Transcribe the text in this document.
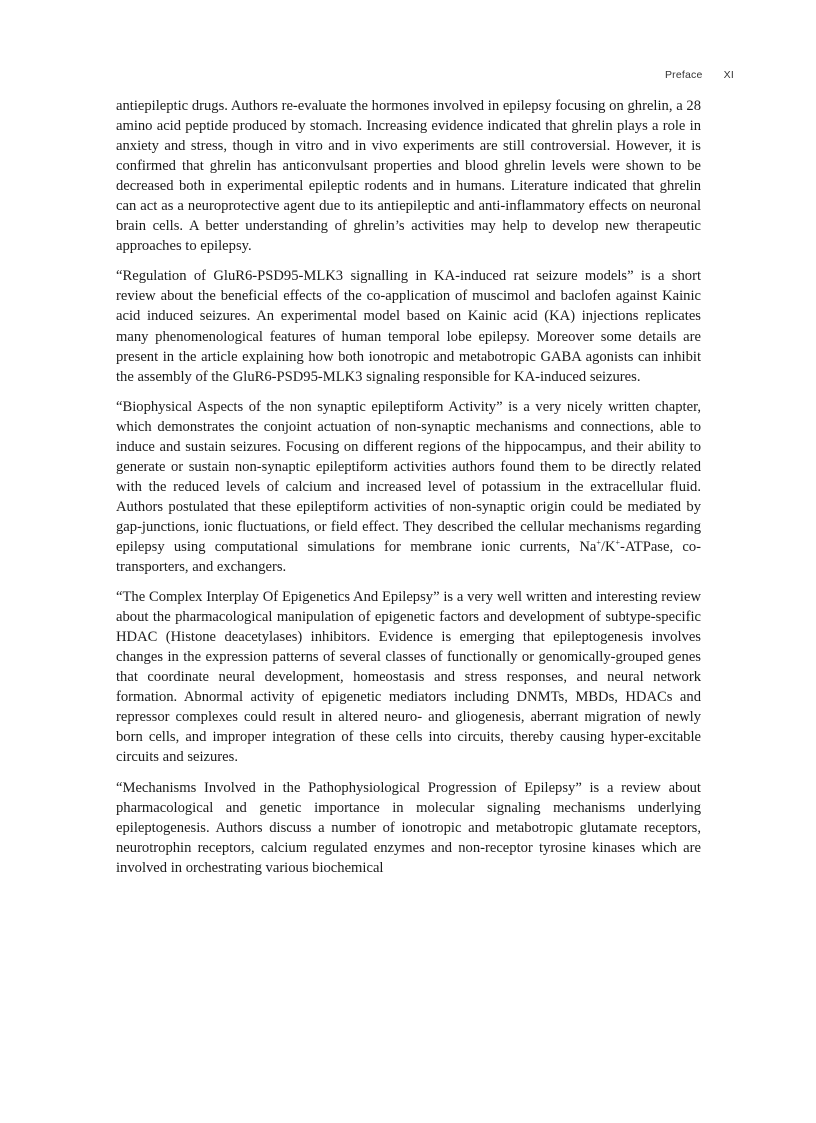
Preface XI

antiepileptic drugs. Authors re-evaluate the hormones involved in epilepsy focusing on ghrelin, a 28 amino acid peptide produced by stomach. Increasing evidence indicated that ghrelin plays a role in anxiety and stress, though in vitro and in vivo experiments are still controversial. However, it is confirmed that ghrelin has anticonvulsant properties and blood ghrelin levels were shown to be decreased both in experimental epileptic rodents and in humans. Literature indicated that ghrelin can act as a neuroprotective agent due to its antiepileptic and anti-inflammatory effects on neuronal brain cells. A better understanding of ghrelin’s activities may help to develop new therapeutic approaches to epilepsy.

“Regulation of GluR6-PSD95-MLK3 signalling in KA-induced rat seizure models” is a short review about the beneficial effects of the co-application of muscimol and baclofen against Kainic acid induced seizures. An experimental model based on Kainic acid (KA) injections replicates many phenomenological features of human temporal lobe epilepsy. Moreover some details are present in the article explaining how both ionotropic and metabotropic GABA agonists can inhibit the assembly of the GluR6-PSD95-MLK3 signaling responsible for KA-induced seizures.

“Biophysical Aspects of the non synaptic epileptiform Activity” is a very nicely written chapter, which demonstrates the conjoint actuation of non-synaptic mechanisms and connections, able to induce and sustain seizures. Focusing on different regions of the hippocampus, and their ability to generate or sustain non-synaptic epileptiform activities authors found them to be directly related with the reduced levels of calcium and increased level of potassium in the extracellular fluid. Authors postulated that these epileptiform activities of non-synaptic origin could be mediated by gap-junctions, ionic fluctuations, or field effect. They described the cellular mechanisms regarding epilepsy using computational simulations for membrane ionic currents, Na+/K+-ATPase, co-transporters, and exchangers.

“The Complex Interplay Of Epigenetics And Epilepsy” is a very well written and interesting review about the pharmacological manipulation of epigenetic factors and development of subtype-specific HDAC (Histone deacetylases) inhibitors. Evidence is emerging that epileptogenesis involves changes in the expression patterns of several classes of functionally or genomically-grouped genes that coordinate neural development, homeostasis and stress responses, and neural network formation. Abnormal activity of epigenetic mediators including DNMTs, MBDs, HDACs and repressor complexes could result in altered neuro- and gliogenesis, aberrant migration of newly born cells, and improper integration of these cells into circuits, thereby causing hyper-excitable circuits and seizures.

“Mechanisms Involved in the Pathophysiological Progression of Epilepsy” is a review about pharmacological and genetic importance in molecular signaling mechanisms underlying epileptogenesis. Authors discuss a number of ionotropic and metabotropic glutamate receptors, neurotrophin receptors, calcium regulated enzymes and non-receptor tyrosine kinases which are involved in orchestrating various biochemical
